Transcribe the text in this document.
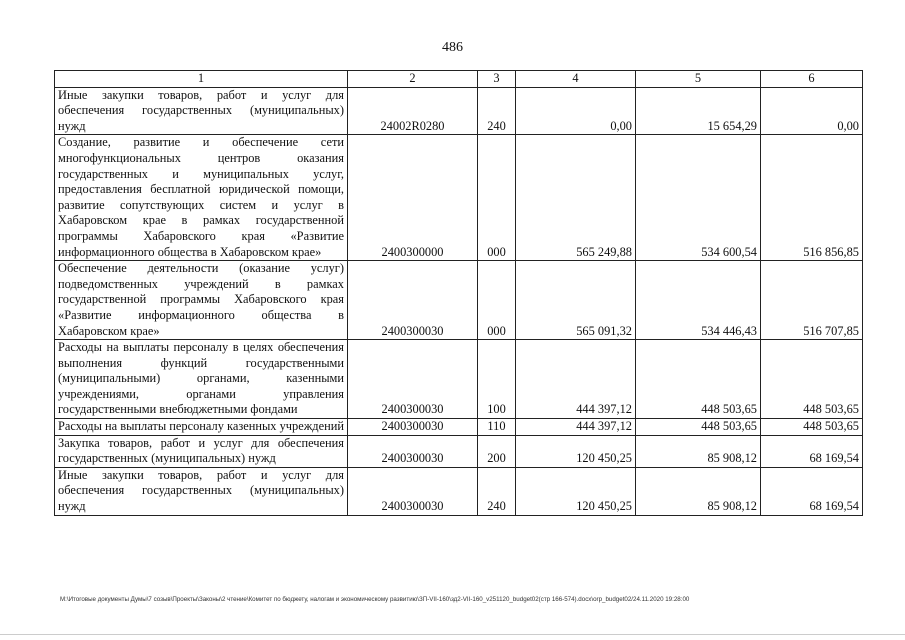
486
1	2	3	4	5	6
Иные закупки товаров, работ и услуг для обеспечения государственных (муниципальных) нужд	24002R0280	240	0,00	15 654,29	0,00
Создание, развитие и обеспечение сети многофункциональных центров оказания государственных и муниципальных услуг, предоставления бесплатной юридической помощи, развитие сопутствующих систем и услуг в Хабаровском крае в рамках государственной программы Хабаровского края «Развитие информационного общества в Хабаровском крае»	2400300000	000	565 249,88	534 600,54	516 856,85
Обеспечение деятельности (оказание услуг) подведомственных учреждений в рамках государственной программы Хабаровского края «Развитие информационного общества в Хабаровском крае»	2400300030	000	565 091,32	534 446,43	516 707,85
Расходы на выплаты персоналу в целях обеспечения выполнения функций государственными (муниципальными) органами, казенными учреждениями, органами управления государственными внебюджетными фондами	2400300030	100	444 397,12	448 503,65	448 503,65
Расходы на выплаты персоналу казенных учреждений	2400300030	110	444 397,12	448 503,65	448 503,65
Закупка товаров, работ и услуг для обеспечения государственных (муниципальных) нужд	2400300030	200	120 450,25	85 908,12	68 169,54
Иные закупки товаров, работ и услуг для обеспечения государственных (муниципальных) нужд	2400300030	240	120 450,25	85 908,12	68 169,54
М:\Итоговые документы Думы\7 созыв\Проекты\Законы\2 чтение\Комитет по бюджету, налогам и экономическому развитию\ЗП-VII-160\зд2-VII-160_v251120_budget02(стр 166-574).docx\orp_budget02/24.11.2020 19:28:00
